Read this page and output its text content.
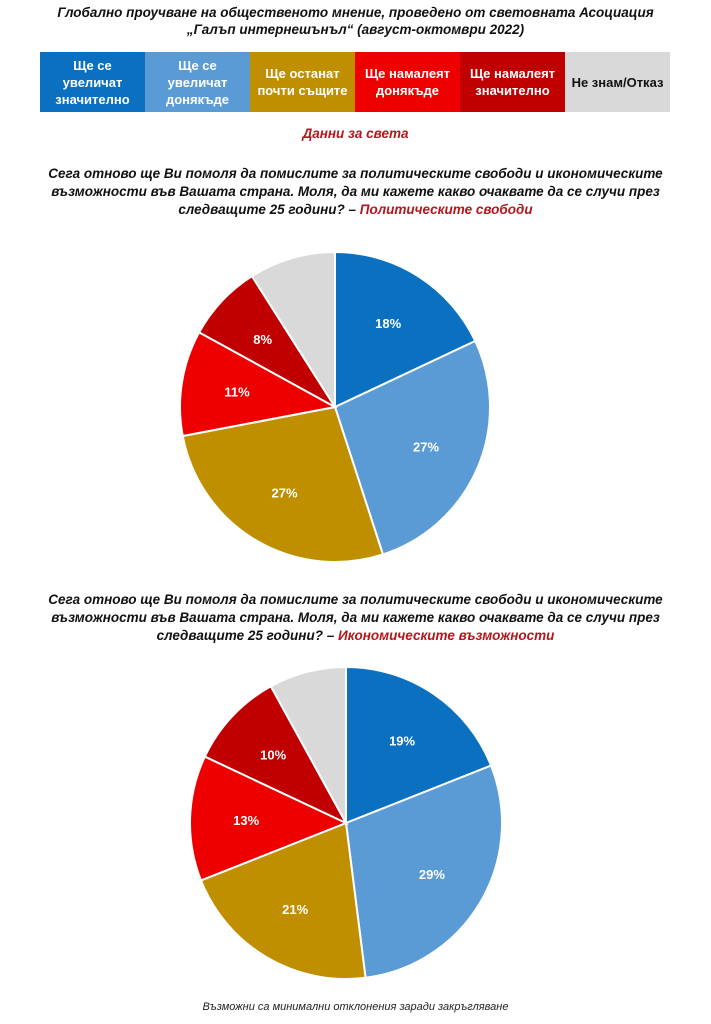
Глобално проучване на общественото мнение, проведено от световната Асоциация
„Галъп интернешънъл“ (август-октомври 2022)
Ще се увеличат значително
Ще се увеличат донякъде
Ще останат почти същите
Ще намалеят донякъде
Ще намалеят значително
Не знам/Отказ
Данни за света
Сега отново ще Ви помоля да помислите за политическите свободи и икономическите възможности във Вашата страна. Моля, да ми кажете какво очаквате да се случи през следващите 25 години? – Политическите свободи
18%
27%
27%
11%
8%
Сега отново ще Ви помоля да помислите за политическите свободи и икономическите възможности във Вашата страна. Моля, да ми кажете какво очаквате да се случи през следващите 25 години? – Икономическите възможности
19%
29%
21%
13%
10%
Възможни са минимални отклонения заради закръгляване
